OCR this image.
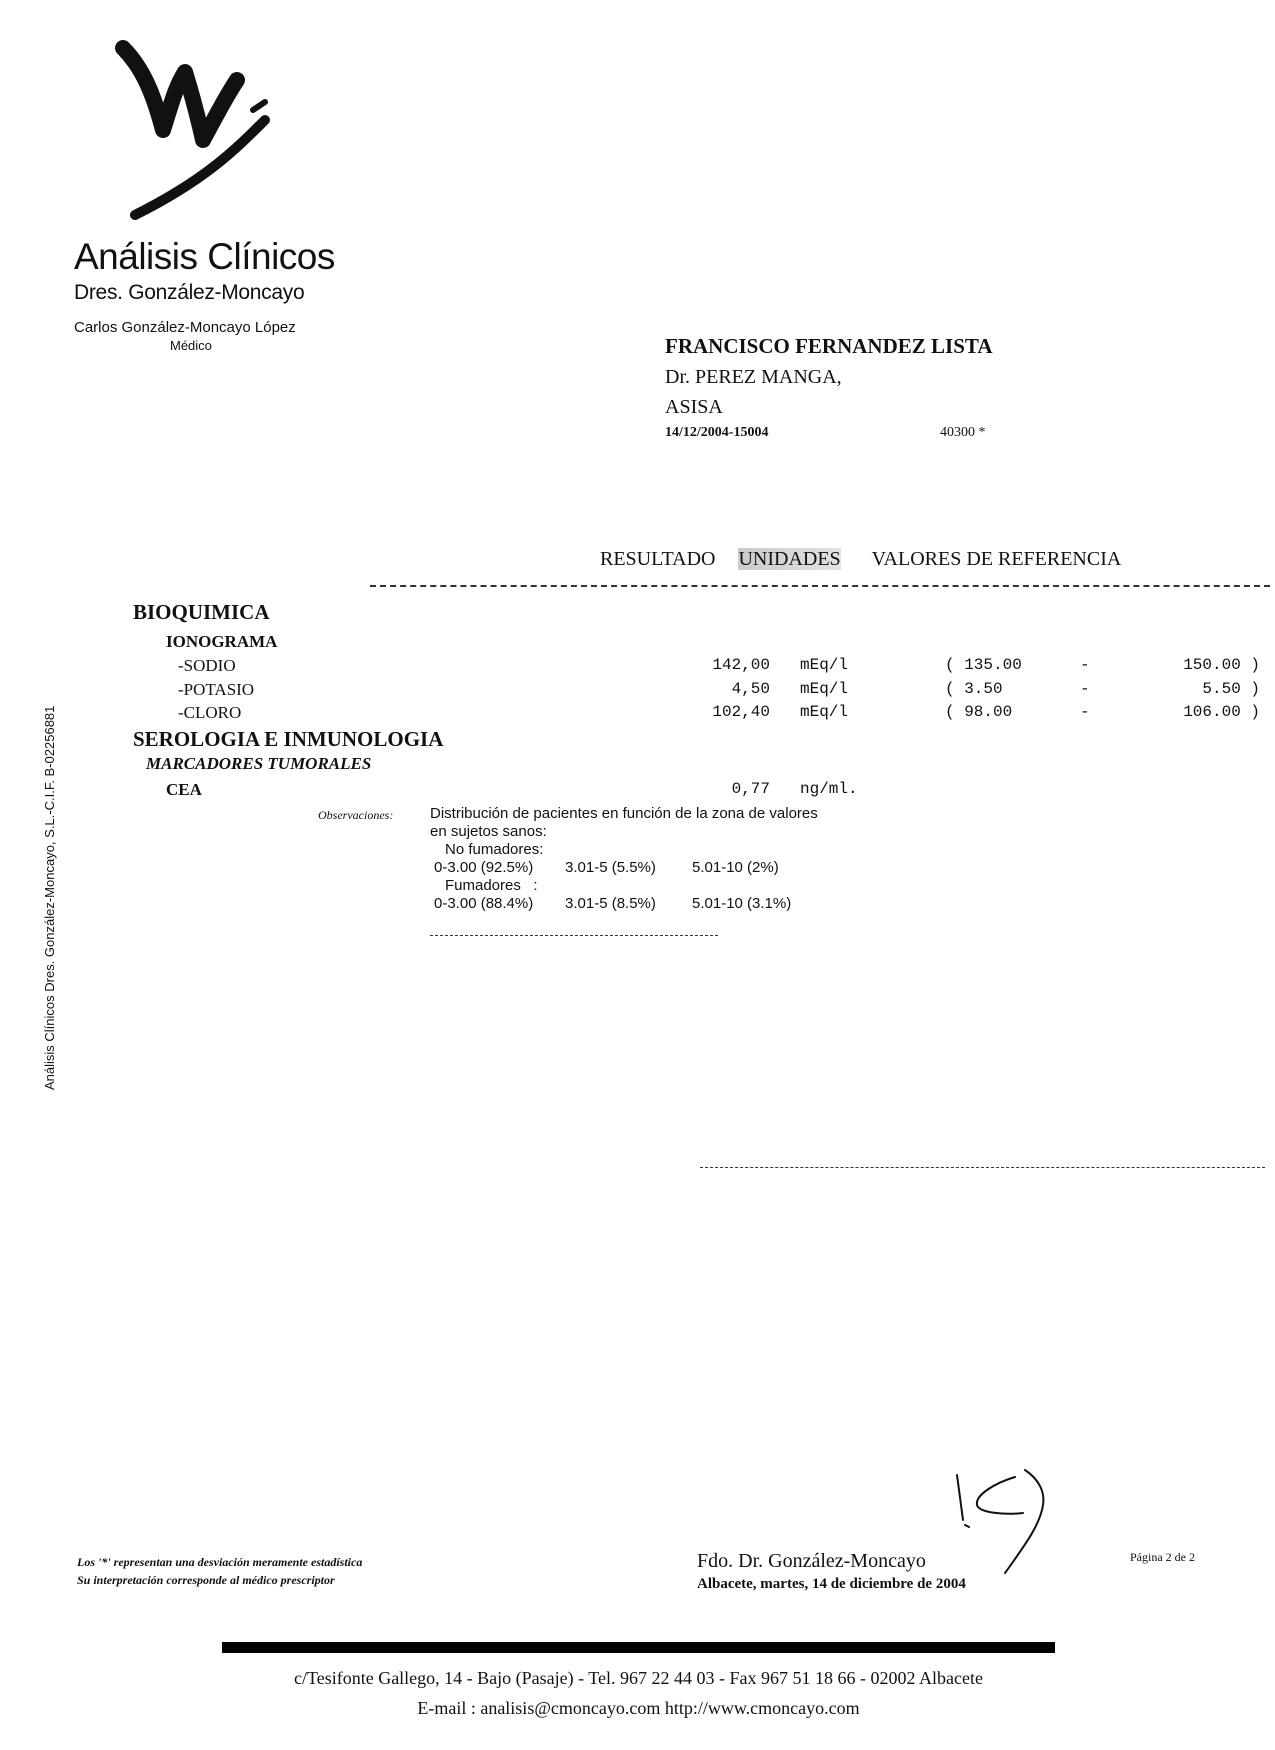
Análisis Clínicos
Dres. González-Moncayo
Carlos González-Moncayo López
Médico	FRANCISCO FERNANDEZ LISTA
Dr. PEREZ MANGA,
ASISA
14/12/2004-15004	40300 *
RESULTADO UNIDADES VALORES DE REFERENCIA
BIOQUIMICA
IONOGRAMA
-SODIO	142,00 mEq/l	( 135.00	-	150.00 )
-POTASIO	4,50 mEq/l	( 3.50	-	5.50 )
-CLORO	102,40 mEq/l	( 98.00	-	106.00 )
SEROLOGIA E INMUNOLOGIA
MARCADORES TUMORALES
CEA	0,77 ng/ml.
Observaciones: Distribución de pacientes en función de la zona de valores
en sujetos sanos:
No fumadores:
0-3.00 (92.5%) 3.01-5 (5.5%) 5.01-10 (2%)
Fumadores   :
0-3.00 (88.4%) 3.01-5 (8.5%) 5.01-10 (3.1%)
Análisis Clínicos Dres. González-Moncayo, S.L.-C.I.F. B-02256881
Los '*' representan una desviación meramente estadística
Su interpretación corresponde al médico prescriptor
Fdo. Dr. González-Moncayo
Albacete, martes, 14 de diciembre de 2004
Página 2 de 2
c/Tesifonte Gallego, 14 - Bajo (Pasaje) - Tel. 967 22 44 03 - Fax 967 51 18 66 - 02002 Albacete
E-mail : analisis@cmoncayo.com http://www.cmoncayo.com
